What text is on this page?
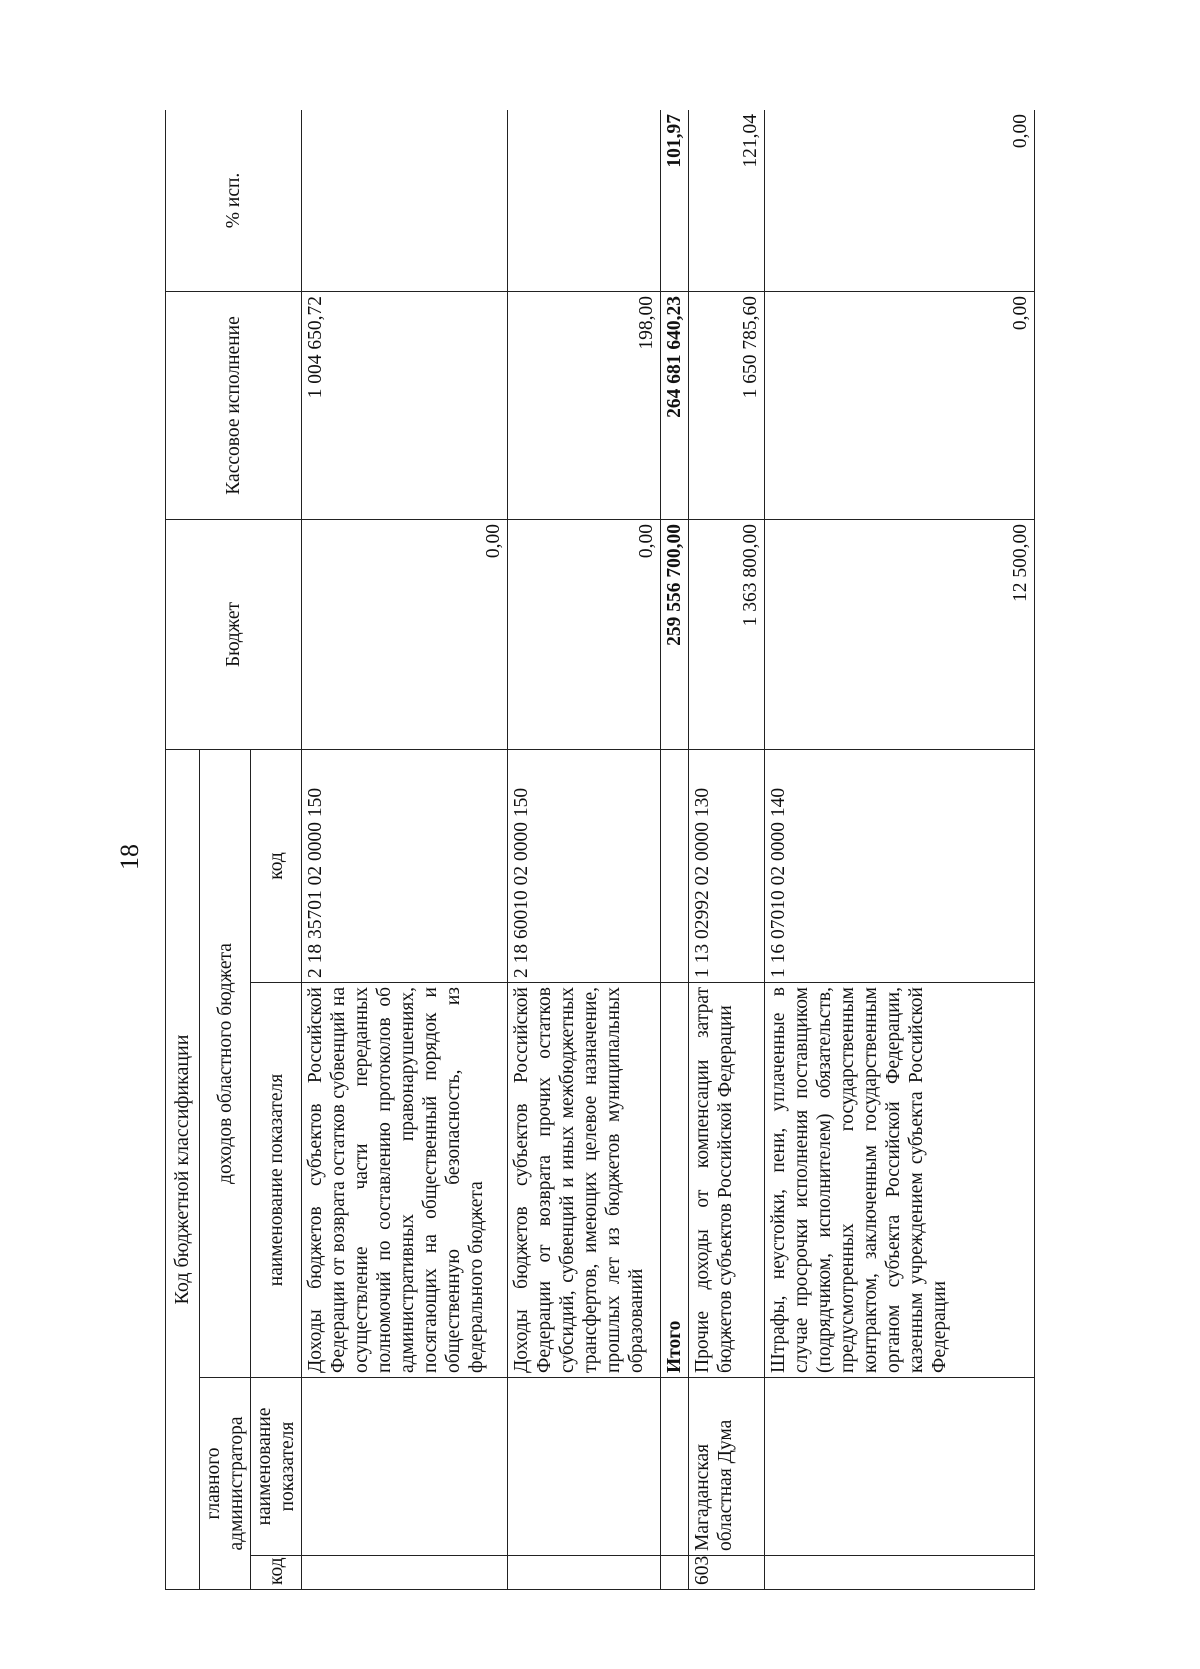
18
Код бюджетной классификации				Бюджет	Кассовое исполнение	% исп.
главного администратора		доходов областного бюджета				
код	наименование показателя	наименование показателя	код			
		Доходы бюджетов субъектов Российской Федерации от возврата остатков субвенций на осуществление части переданных полномочий по составлению протоколов об административных правонарушениях, посягающих на общественный порядок и общественную безопасность, из федерального бюджета	2 18 35701 02 0000 150	0,00	1 004 650,72	
		Доходы бюджетов субъектов Российской Федерации от возврата прочих остатков субсидий, субвенций и иных межбюджетных трансфертов, имеющих целевое назначение, прошлых лет из бюджетов муниципальных образований	2 18 60010 02 0000 150	0,00	198,00	
		Итого		259 556 700,00	264 681 640,23	101,97
603	Магаданская областная Дума	Прочие доходы от компенсации затрат бюджетов субъектов Российской Федерации	1 13 02992 02 0000 130	1 363 800,00	1 650 785,60	121,04
		Штрафы, неустойки, пени, уплаченные в случае просрочки исполнения поставщиком (подрядчиком, исполнителем) обязательств, предусмотренных государственным контрактом, заключенным государственным органом субъекта Российской Федерации, казенным учреждением субъекта Российской Федерации	1 16 07010 02 0000 140	12 500,00	0,00	0,00
